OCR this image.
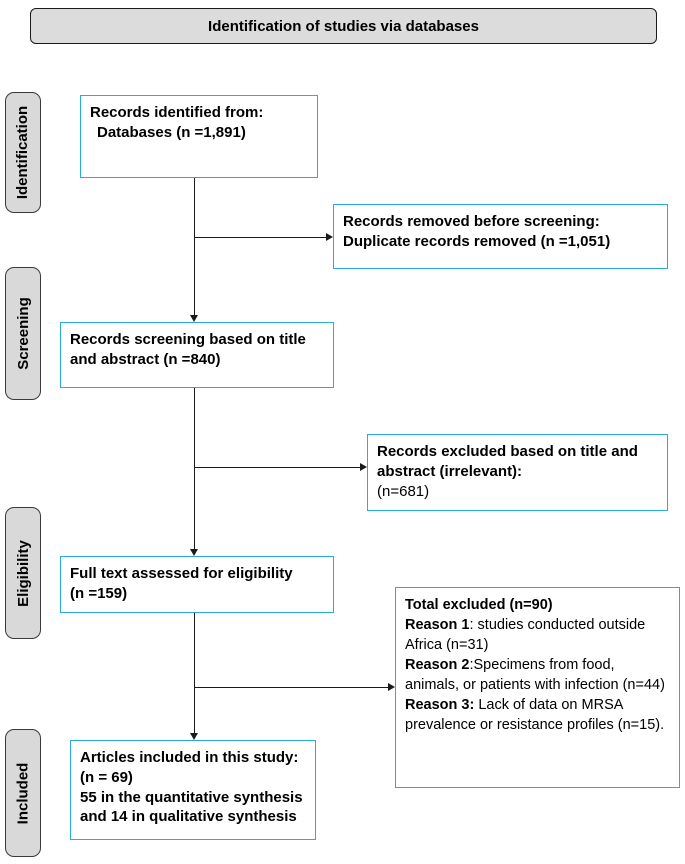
Identification of studies via databases
Identification
Screening
Eligibility
Included
Records identified from:
Databases (n =1,891)
Records removed before screening:
Duplicate records removed (n =1,051)
Records screening based on title and abstract (n =840)
Records excluded based on title and abstract (irrelevant):
(n=681)
Full text assessed for eligibility
(n =159)
Total excluded (n=90)
Reason 1: studies conducted outside Africa (n=31)
Reason 2:Specimens from food, animals, or patients with infection (n=44)
Reason 3: Lack of data on MRSA prevalence or resistance profiles (n=15).
Articles included in this study:
(n = 69)
55 in the quantitative synthesis
and 14 in qualitative synthesis
